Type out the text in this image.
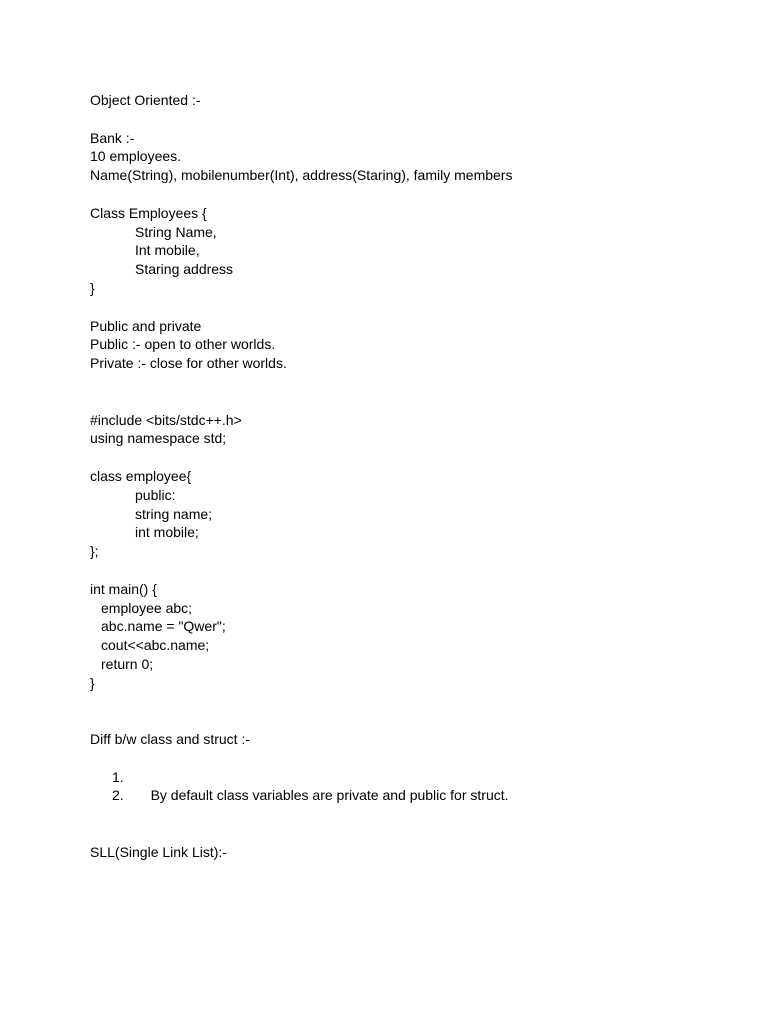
Object Oriented :-
Bank :-
10 employees.
Name(String), mobilenumber(Int), address(Staring), family members
Class Employees {
String Name,
Int mobile,
Staring address
}
Public and private
Public :- open to other worlds.
Private :- close for other worlds.
#include <bits/stdc++.h>
using namespace std;
class employee{
public:
string name;
int mobile;
};
int main() {
employee abc;
abc.name = "Qwer";
cout<<abc.name;
return 0;
}
Diff b/w class and struct :-

1.

By default class variables are private and public for struct.

2.

SLL(Single Link List):-
